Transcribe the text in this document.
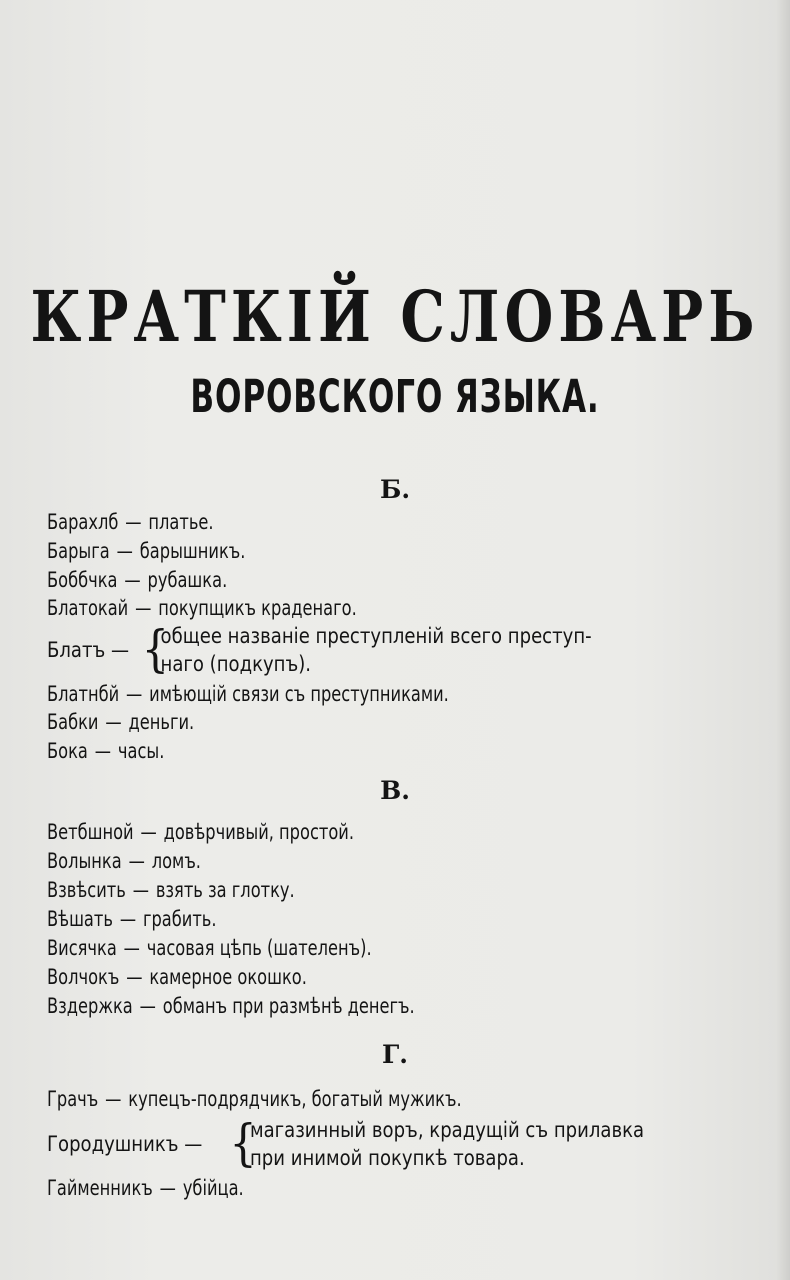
КРАТКІЙ СЛОВАРЬ
ВОРОВСКОГО ЯЗЫКА.
Б.
Барахлб — платье.
Барыга — барышникъ.
Боббчка — рубашка.
Блатокай — покупщикъ краденаго.
Блатъ — {
общее названіе преступленій всего преступ-
наго (подкупъ).
Блатнбй — имѣющій связи съ преступниками.
Бабки — деньги.
Бока — часы.
В.
Ветбшной — довѣрчивый, простой.
Волынка — ломъ.
Взвѣсить — взять за глотку.
Вѣшать — грабить.
Висячка — часовая цѣпь (шателенъ).
Волчокъ — камерное окошко.
Вздержка — обманъ при размѣнѣ денегъ.
Г.
Грачъ — купецъ-подрядчикъ, богатый мужикъ.
Городушникъ — {
магазинный воръ, крадущій съ прилавка
при инимой покупкѣ товара.
Гайменникъ — убійца.
